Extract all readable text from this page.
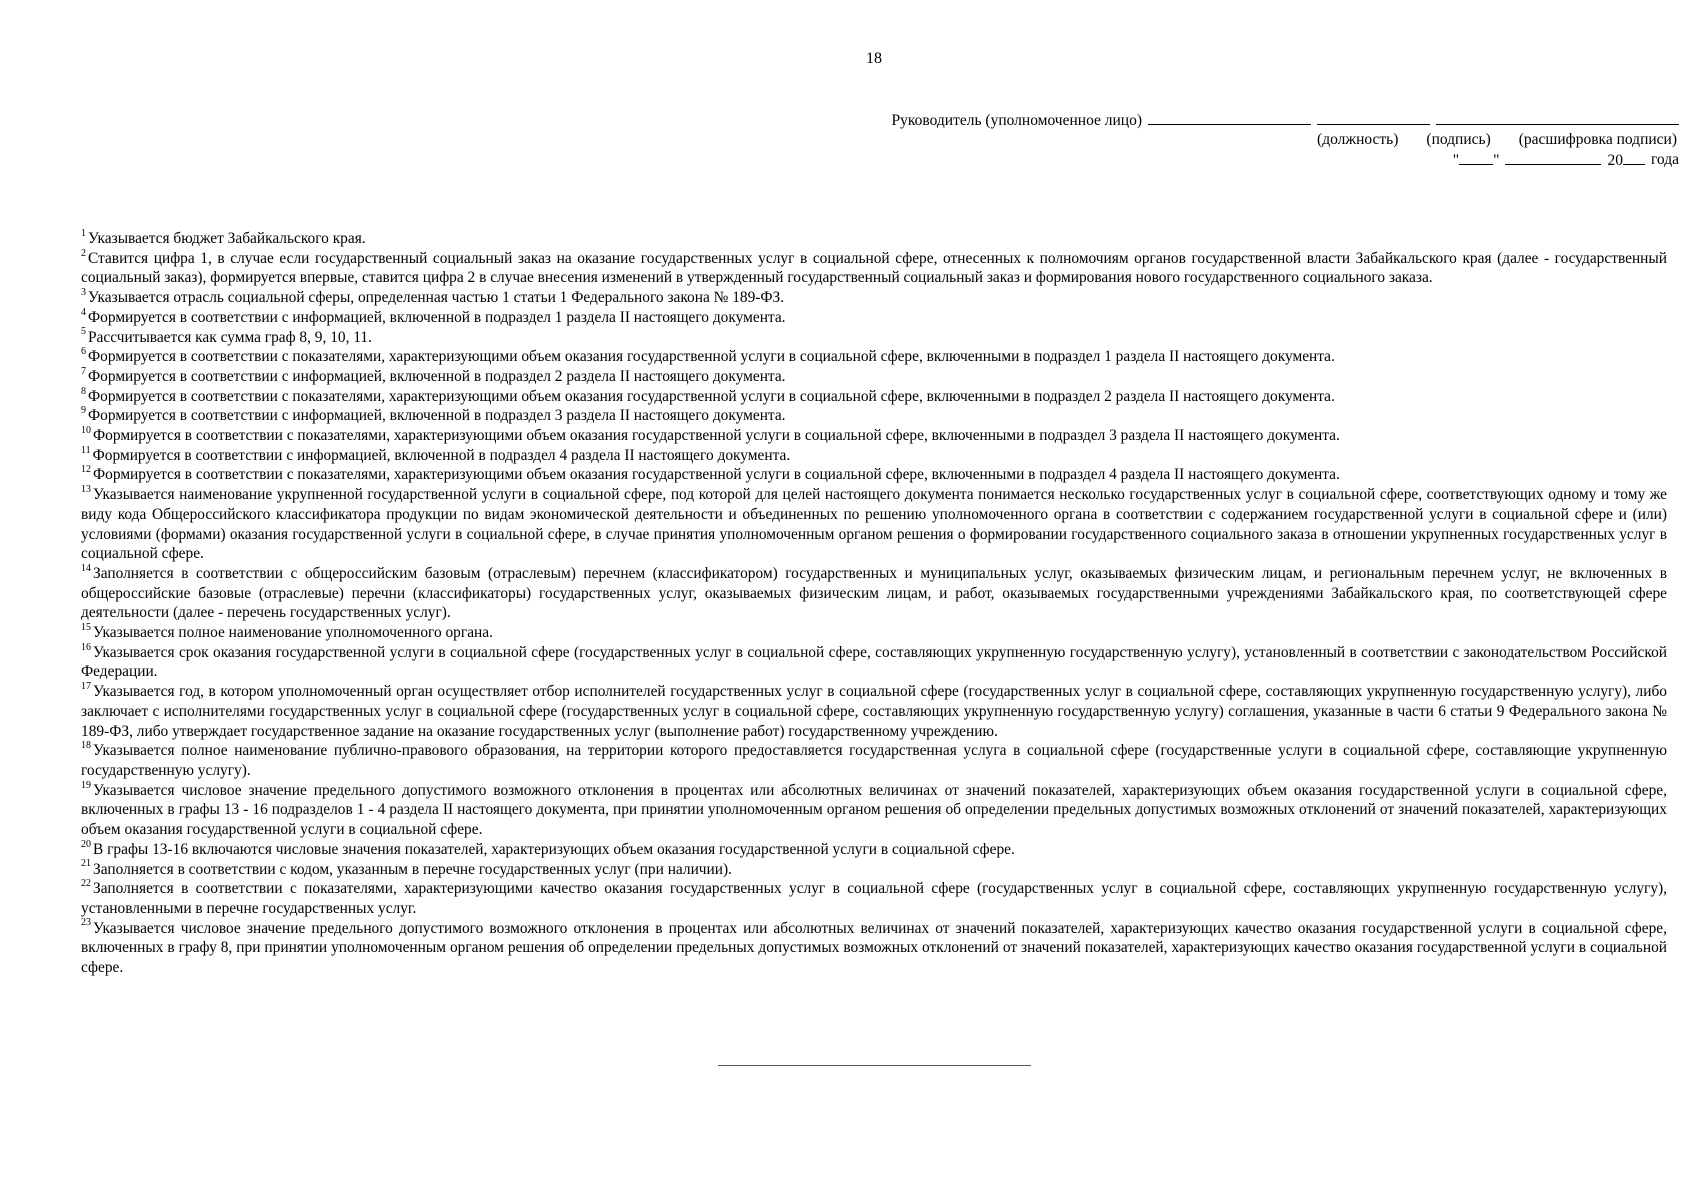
18
Руководитель (уполномоченное лицо)
(должность) (подпись) (расшифровка подписи)
" "	20	года

$^1$ Указывается бюджет Забайкальского края.

$^2$ Ставится цифра 1, в случае если государственный социальный заказ на оказание государственных услуг в социальной сфере, отнесенных к полномочиям органов государственной власти Забайкальского края (далее - государственный социальный заказ), формируется впервые, ставится цифра 2 в случае внесения изменений в утвержденный государственный социальный заказ и формирования нового государственного социального заказа.

$^3$ Указывается отрасль социальной сферы, определенная частью 1 статьи 1 Федерального закона № 189-ФЗ.

$^4$ Формируется в соответствии с информацией, включенной в подраздел 1 раздела II настоящего документа.

$^5$ Рассчитывается как сумма граф 8, 9, 10, 11.

$^6$ Формируется в соответствии с показателями, характеризующими объем оказания государственной услуги в социальной сфере, включенными в подраздел 1 раздела II настоящего документа.

$^7$ Формируется в соответствии с информацией, включенной в подраздел 2 раздела II настоящего документа.

$^8$ Формируется в соответствии с показателями, характеризующими объем оказания государственной услуги в социальной сфере, включенными в подраздел 2 раздела II настоящего документа.

$^9$ Формируется в соответствии с информацией, включенной в подраздел 3 раздела II настоящего документа.

$^{10}$ Формируется в соответствии с показателями, характеризующими объем оказания государственной услуги в социальной сфере, включенными в подраздел 3 раздела II настоящего документа.

$^{11}$ Формируется в соответствии с информацией, включенной в подраздел 4 раздела II настоящего документа.

$^{12}$ Формируется в соответствии с показателями, характеризующими объем оказания государственной услуги в социальной сфере, включенными в подраздел 4 раздела II настоящего документа.

$^{13}$ Указывается наименование укрупненной государственной услуги в социальной сфере, под которой для целей настоящего документа понимается несколько государственных услуг в социальной сфере, соответствующих одному и тому же виду кода Общероссийского классификатора продукции по видам экономической деятельности и объединенных по решению уполномоченного органа в соответствии с содержанием государственной услуги в социальной сфере и (или) условиями (формами) оказания государственной услуги в социальной сфере, в случае принятия уполномоченным органом решения о формировании государственного социального заказа в отношении укрупненных государственных услуг в социальной сфере.

$^{14}$ Заполняется в соответствии с общероссийским базовым (отраслевым) перечнем (классификатором) государственных и муниципальных услуг, оказываемых физическим лицам, и региональным перечнем услуг, не включенных в общероссийские базовые (отраслевые) перечни (классификаторы) государственных услуг, оказываемых физическим лицам, и работ, оказываемых государственными учреждениями Забайкальского края, по соответствующей сфере деятельности (далее - перечень государственных услуг).

$^{15}$ Указывается полное наименование уполномоченного органа.

$^{16}$ Указывается срок оказания государственной услуги в социальной сфере (государственных услуг в социальной сфере, составляющих укрупненную государственную услугу), установленный в соответствии с законодательством Российской Федерации.

$^{17}$ Указывается год, в котором уполномоченный орган осуществляет отбор исполнителей государственных услуг в социальной сфере (государственных услуг в социальной сфере, составляющих укрупненную государственную услугу), либо заключает с исполнителями государственных услуг в социальной сфере (государственных услуг в социальной сфере, составляющих укрупненную государственную услугу) соглашения, указанные в части 6 статьи 9 Федерального закона № 189-ФЗ, либо утверждает государственное задание на оказание государственных услуг (выполнение работ) государственному учреждению.

$^{18}$ Указывается полное наименование публично-правового образования, на территории которого предоставляется государственная услуга в социальной сфере (государственные услуги в социальной сфере, составляющие укрупненную государственную услугу).

$^{19}$ Указывается числовое значение предельного допустимого возможного отклонения в процентах или абсолютных величинах от значений показателей, характеризующих объем оказания государственной услуги в социальной сфере, включенных в графы 13 - 16 подразделов 1 - 4 раздела II настоящего документа, при принятии уполномоченным органом решения об определении предельных допустимых возможных отклонений от значений показателей, характеризующих объем оказания государственной услуги в социальной сфере.

$^{20}$ В графы 13-16 включаются числовые значения показателей, характеризующих объем оказания государственной услуги в социальной сфере.

$^{21}$ Заполняется в соответствии с кодом, указанным в перечне государственных услуг (при наличии).

$^{22}$ Заполняется в соответствии с показателями, характеризующими качество оказания государственных услуг в социальной сфере (государственных услуг в социальной сфере, составляющих укрупненную государственную услугу), установленными в перечне государственных услуг.

$^{23}$ Указывается числовое значение предельного допустимого возможного отклонения в процентах или абсолютных величинах от значений показателей, характеризующих качество оказания государственной услуги в социальной сфере, включенных в графу 8, при принятии уполномоченным органом решения об определении предельных допустимых возможных отклонений от значений показателей, характеризующих качество оказания государственной услуги в социальной сфере.
